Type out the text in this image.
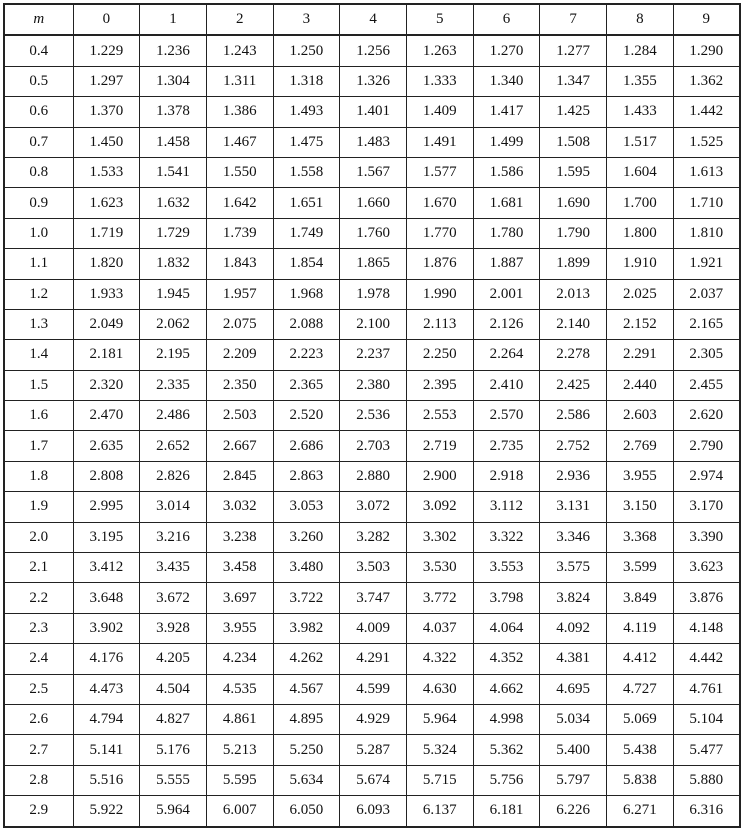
m	0	1	2	3	4	5	6	7	8	9
0.4	1.229	1.236	1.243	1.250	1.256	1.263	1.270	1.277	1.284	1.290
0.5	1.297	1.304	1.311	1.318	1.326	1.333	1.340	1.347	1.355	1.362
0.6	1.370	1.378	1.386	1.493	1.401	1.409	1.417	1.425	1.433	1.442
0.7	1.450	1.458	1.467	1.475	1.483	1.491	1.499	1.508	1.517	1.525
0.8	1.533	1.541	1.550	1.558	1.567	1.577	1.586	1.595	1.604	1.613
0.9	1.623	1.632	1.642	1.651	1.660	1.670	1.681	1.690	1.700	1.710
1.0	1.719	1.729	1.739	1.749	1.760	1.770	1.780	1.790	1.800	1.810
1.1	1.820	1.832	1.843	1.854	1.865	1.876	1.887	1.899	1.910	1.921
1.2	1.933	1.945	1.957	1.968	1.978	1.990	2.001	2.013	2.025	2.037
1.3	2.049	2.062	2.075	2.088	2.100	2.113	2.126	2.140	2.152	2.165
1.4	2.181	2.195	2.209	2.223	2.237	2.250	2.264	2.278	2.291	2.305
1.5	2.320	2.335	2.350	2.365	2.380	2.395	2.410	2.425	2.440	2.455
1.6	2.470	2.486	2.503	2.520	2.536	2.553	2.570	2.586	2.603	2.620
1.7	2.635	2.652	2.667	2.686	2.703	2.719	2.735	2.752	2.769	2.790
1.8	2.808	2.826	2.845	2.863	2.880	2.900	2.918	2.936	3.955	2.974
1.9	2.995	3.014	3.032	3.053	3.072	3.092	3.112	3.131	3.150	3.170
2.0	3.195	3.216	3.238	3.260	3.282	3.302	3.322	3.346	3.368	3.390
2.1	3.412	3.435	3.458	3.480	3.503	3.530	3.553	3.575	3.599	3.623
2.2	3.648	3.672	3.697	3.722	3.747	3.772	3.798	3.824	3.849	3.876
2.3	3.902	3.928	3.955	3.982	4.009	4.037	4.064	4.092	4.119	4.148
2.4	4.176	4.205	4.234	4.262	4.291	4.322	4.352	4.381	4.412	4.442
2.5	4.473	4.504	4.535	4.567	4.599	4.630	4.662	4.695	4.727	4.761
2.6	4.794	4.827	4.861	4.895	4.929	5.964	4.998	5.034	5.069	5.104
2.7	5.141	5.176	5.213	5.250	5.287	5.324	5.362	5.400	5.438	5.477
2.8	5.516	5.555	5.595	5.634	5.674	5.715	5.756	5.797	5.838	5.880
2.9	5.922	5.964	6.007	6.050	6.093	6.137	6.181	6.226	6.271	6.316
